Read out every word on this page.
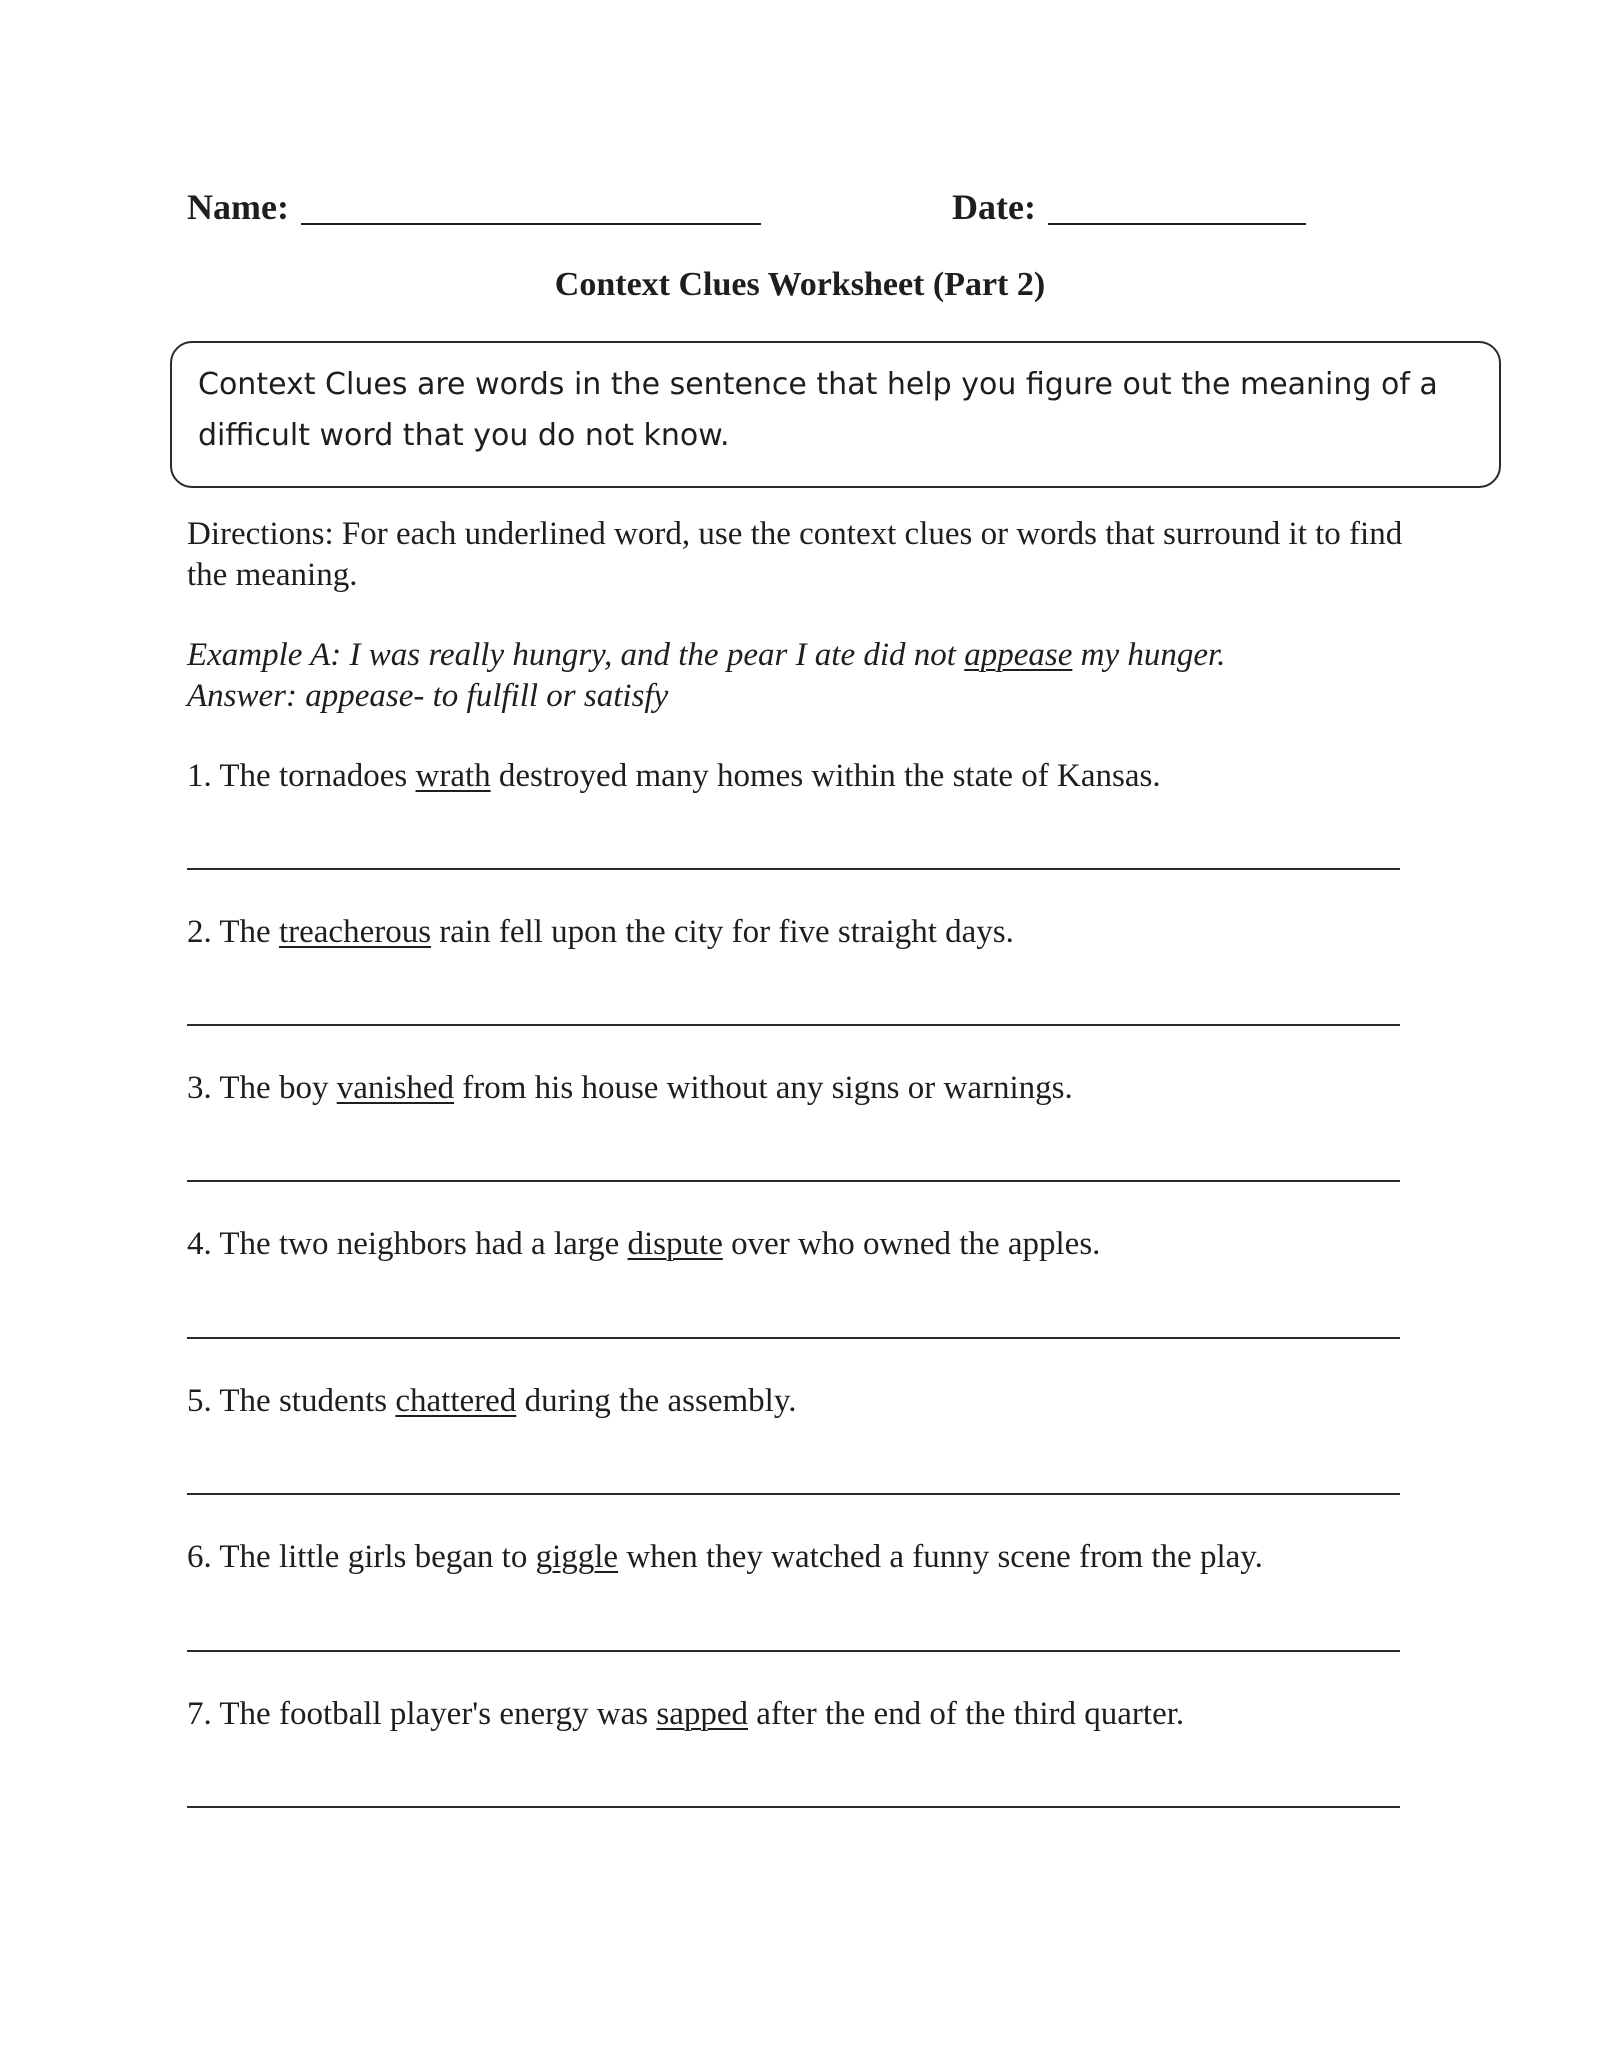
Name:	Date:
Context Clues Worksheet (Part 2)
Context Clues are words in the sentence that help you figure out the meaning of a difficult word that you do not know.
Directions: For each underlined word, use the context clues or words that surround it to find the meaning.
Example A: I was really hungry, and the pear I ate did not appease my hunger.
Answer: appease- to fulfill or satisfy
1. The tornadoes wrath destroyed many homes within the state of Kansas.
2. The treacherous rain fell upon the city for five straight days.
3. The boy vanished from his house without any signs or warnings.
4. The two neighbors had a large dispute over who owned the apples.
5. The students chattered during the assembly.
6. The little girls began to giggle when they watched a funny scene from the play.
7. The football player's energy was sapped after the end of the third quarter.
